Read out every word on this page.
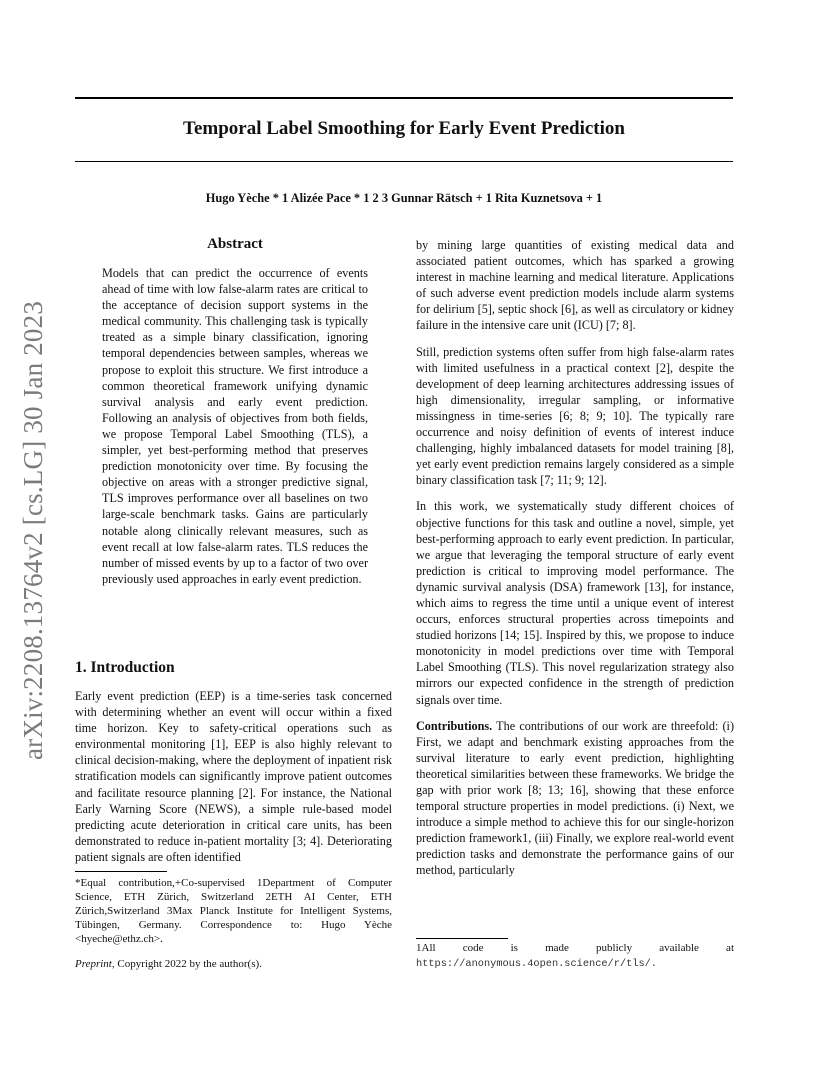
Temporal Label Smoothing for Early Event Prediction
Hugo Yèche * 1 Alizée Pace * 1 2 3 Gunnar Rätsch + 1 Rita Kuznetsova + 1
arXiv:2208.13764v2 [cs.LG] 30 Jan 2023
Abstract
Models that can predict the occurrence of events ahead of time with low false-alarm rates are critical to the acceptance of decision support systems in the medical community. This challenging task is typically treated as a simple binary classification, ignoring temporal dependencies between samples, whereas we propose to exploit this structure. We first introduce a common theoretical framework unifying dynamic survival analysis and early event prediction. Following an analysis of objectives from both fields, we propose Temporal Label Smoothing (TLS), a simpler, yet best-performing method that preserves prediction monotonicity over time. By focusing the objective on areas with a stronger predictive signal, TLS improves performance over all baselines on two large-scale benchmark tasks. Gains are particularly notable along clinically relevant measures, such as event recall at low false-alarm rates. TLS reduces the number of missed events by up to a factor of two over previously used approaches in early event prediction.
1. Introduction
Early event prediction (EEP) is a time-series task concerned with determining whether an event will occur within a fixed time horizon. Key to safety-critical operations such as environmental monitoring [1], EEP is also highly relevant to clinical decision-making, where the deployment of inpatient risk stratification models can significantly improve patient outcomes and facilitate resource planning [2]. For instance, the National Early Warning Score (NEWS), a simple rule-based model predicting acute deterioration in critical care units, has been demonstrated to reduce in-patient mortality [3; 4]. Deteriorating patient signals are often identified
*Equal contribution,+Co-supervised 1Department of Computer Science, ETH Zürich, Switzerland 2ETH AI Center, ETH Zürich,Switzerland 3Max Planck Institute for Intelligent Systems, Tübingen, Germany. Correspondence to: Hugo Yèche <hyeche@ethz.ch>.
Preprint, Copyright 2022 by the author(s).

by mining large quantities of existing medical data and associated patient outcomes, which has sparked a growing interest in machine learning and medical literature. Applications of such adverse event prediction models include alarm systems for delirium [5], septic shock [6], as well as circulatory or kidney failure in the intensive care unit (ICU) [7; 8].

Still, prediction systems often suffer from high false-alarm rates with limited usefulness in a practical context [2], despite the development of deep learning architectures addressing issues of high dimensionality, irregular sampling, or informative missingness in time-series [6; 8; 9; 10]. The typically rare occurrence and noisy definition of events of interest induce challenging, highly imbalanced datasets for model training [8], yet early event prediction remains largely considered as a simple binary classification task [7; 11; 9; 12].

In this work, we systematically study different choices of objective functions for this task and outline a novel, simple, yet best-performing approach to early event prediction. In particular, we argue that leveraging the temporal structure of early event prediction is critical to improving model performance. The dynamic survival analysis (DSA) framework [13], for instance, which aims to regress the time until a unique event of interest occurs, enforces structural properties across timepoints and studied horizons [14; 15]. Inspired by this, we propose to induce monotonicity in model predictions over time with Temporal Label Smoothing (TLS). This novel regularization strategy also mirrors our expected confidence in the strength of prediction signals over time.

Contributions. The contributions of our work are threefold: (i) First, we adapt and benchmark existing approaches from the survival literature to early event prediction, highlighting theoretical similarities between these frameworks. We bridge the gap with prior work [8; 13; 16], showing that these enforce temporal structure properties in model predictions. (i) Next, we introduce a simple method to achieve this for our single-horizon prediction framework1, (iii) Finally, we explore real-world event prediction tasks and demonstrate the performance gains of our method, particularly

1All code is made publicly available at https://anonymous.4open.science/r/tls/.
